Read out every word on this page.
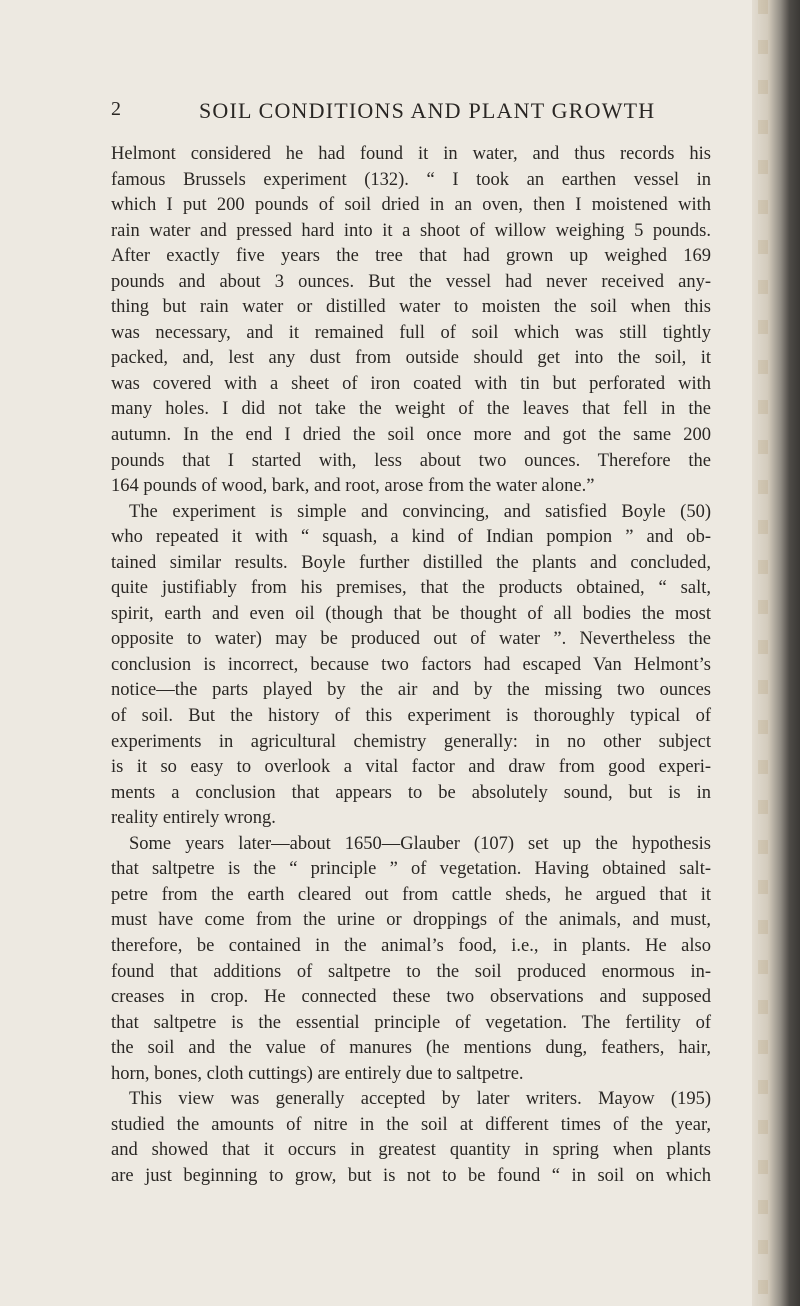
2	SOIL CONDITIONS AND PLANT GROWTH
Helmont considered he had found it in water, and thus records his
famous Brussels experiment (132). “ I took an earthen vessel in
which I put 200 pounds of soil dried in an oven, then I moistened with
rain water and pressed hard into it a shoot of willow weighing 5 pounds.
After exactly five years the tree that had grown up weighed 169
pounds and about 3 ounces. But the vessel had never received any-
thing but rain water or distilled water to moisten the soil when this
was necessary, and it remained full of soil which was still tightly
packed, and, lest any dust from outside should get into the soil, it
was covered with a sheet of iron coated with tin but perforated with
many holes. I did not take the weight of the leaves that fell in the
autumn. In the end I dried the soil once more and got the same 200
pounds that I started with, less about two ounces. Therefore the
164 pounds of wood, bark, and root, arose from the water alone.”
The experiment is simple and convincing, and satisfied Boyle (50)
who repeated it with “ squash, a kind of Indian pompion ” and ob-
tained similar results. Boyle further distilled the plants and concluded,
quite justifiably from his premises, that the products obtained, “ salt,
spirit, earth and even oil (though that be thought of all bodies the most
opposite to water) may be produced out of water ”. Nevertheless the
conclusion is incorrect, because two factors had escaped Van Helmont’s
notice—the parts played by the air and by the missing two ounces
of soil. But the history of this experiment is thoroughly typical of
experiments in agricultural chemistry generally: in no other subject
is it so easy to overlook a vital factor and draw from good experi-
ments a conclusion that appears to be absolutely sound, but is in
reality entirely wrong.
Some years later—about 1650—Glauber (107) set up the hypothesis
that saltpetre is the “ principle ” of vegetation. Having obtained salt-
petre from the earth cleared out from cattle sheds, he argued that it
must have come from the urine or droppings of the animals, and must,
therefore, be contained in the animal’s food, i.e., in plants. He also
found that additions of saltpetre to the soil produced enormous in-
creases in crop. He connected these two observations and supposed
that saltpetre is the essential principle of vegetation. The fertility of
the soil and the value of manures (he mentions dung, feathers, hair,
horn, bones, cloth cuttings) are entirely due to saltpetre.
This view was generally accepted by later writers. Mayow (195)
studied the amounts of nitre in the soil at different times of the year,
and showed that it occurs in greatest quantity in spring when plants
are just beginning to grow, but is not to be found “ in soil on which
